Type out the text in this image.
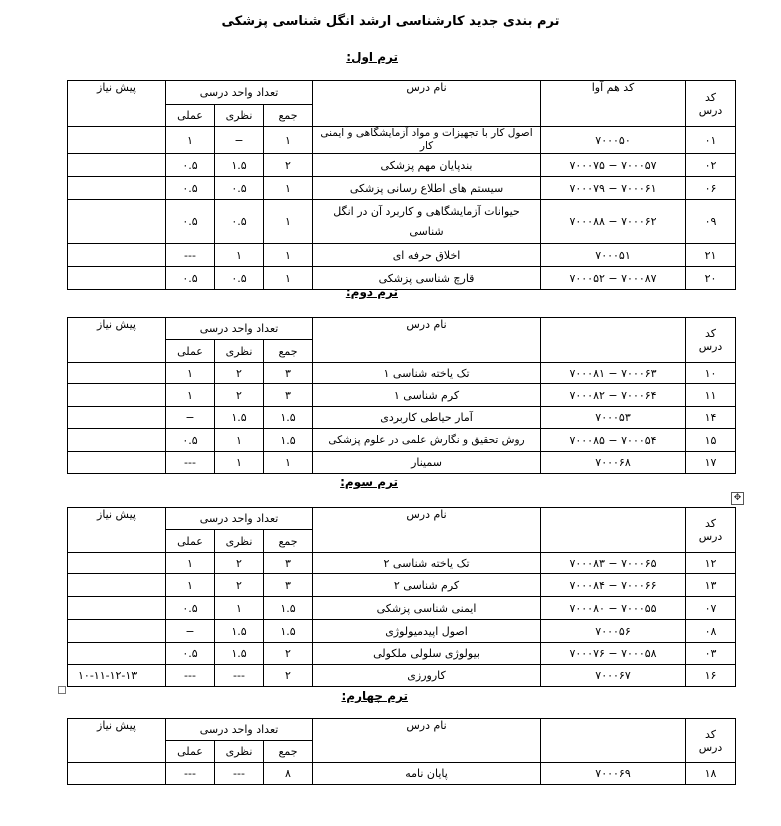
ترم بندی جدید کارشناسی ارشد انگل شناسی پزشکی
ترم اول:
کد
درس	کد هم آوا	نام درس	تعداد واحد درسی			پیش نیاز
			جمع	نظری	عملی	
۰۱	۷۰۰۰۵۰	اصول کار با تجهیزات و مواد آزمایشگاهی و ایمنی کار	۱	−	۱	
۰۲	۷۰۰۰۵۷ − ۷۰۰۰۷۵	بندپایان مهم پزشکی	۲	۱.۵	۰.۵	
۰۶	۷۰۰۰۶۱ − ۷۰۰۰۷۹	سیستم های اطلاع رسانی پزشکی	۱	۰.۵	۰.۵	
۰۹	۷۰۰۰۶۲ − ۷۰۰۰۸۸	حیوانات آزمایشگاهی و کاربرد آن در انگل شناسی	۱	۰.۵	۰.۵	
۲۱	۷۰۰۰۵۱	اخلاق حرفه ای	۱	۱	---	
۲۰	۷۰۰۰۸۷ − ۷۰۰۰۵۲	قارچ شناسی پزشکی	۱	۰.۵	۰.۵	
ترم دوم:
کد
درس		نام درس	تعداد واحد درسی			پیش نیاز
			جمع	نظری	عملی	
۱۰	۷۰۰۰۶۳ − ۷۰۰۰۸۱	تک یاخته شناسی ۱	۳	۲	۱	
۱۱	۷۰۰۰۶۴ − ۷۰۰۰۸۲	کرم شناسی ۱	۳	۲	۱	
۱۴	۷۰۰۰۵۳	آمار حیاطی کاربردی	۱.۵	۱.۵	−	
۱۵	۷۰۰۰۵۴ − ۷۰۰۰۸۵	روش تحقیق و نگارش علمی در علوم پزشکی	۱.۵	۱	۰.۵	
۱۷	۷۰۰۰۶۸	سمینار	۱	۱	---	
ترم سوم:
✥
کد
درس		نام درس	تعداد واحد درسی			پیش نیاز
			جمع	نظری	عملی	
۱۲	۷۰۰۰۶۵ − ۷۰۰۰۸۳	تک یاخته شناسی ۲	۳	۲	۱	
۱۳	۷۰۰۰۶۶ − ۷۰۰۰۸۴	کرم شناسی ۲	۳	۲	۱	
۰۷	۷۰۰۰۵۵ − ۷۰۰۰۸۰	ایمنی شناسی پزشکی	۱.۵	۱	۰.۵	
۰۸	۷۰۰۰۵۶	اصول اپیدمیولوژی	۱.۵	۱.۵	−	
۰۳	۷۰۰۰۵۸ − ۷۰۰۰۷۶	بیولوژی سلولی ملکولی	۲	۱.۵	۰.۵	
۱۶	۷۰۰۰۶۷	کارورزی	۲	---	---	۱۰-۱۱-۱۲-۱۳
ترم چهارم:
کد
درس		نام درس	تعداد واحد درسی			پیش نیاز
			جمع	نظری	عملی	
۱۸	۷۰۰۰۶۹	پایان نامه	۸	---	---	
